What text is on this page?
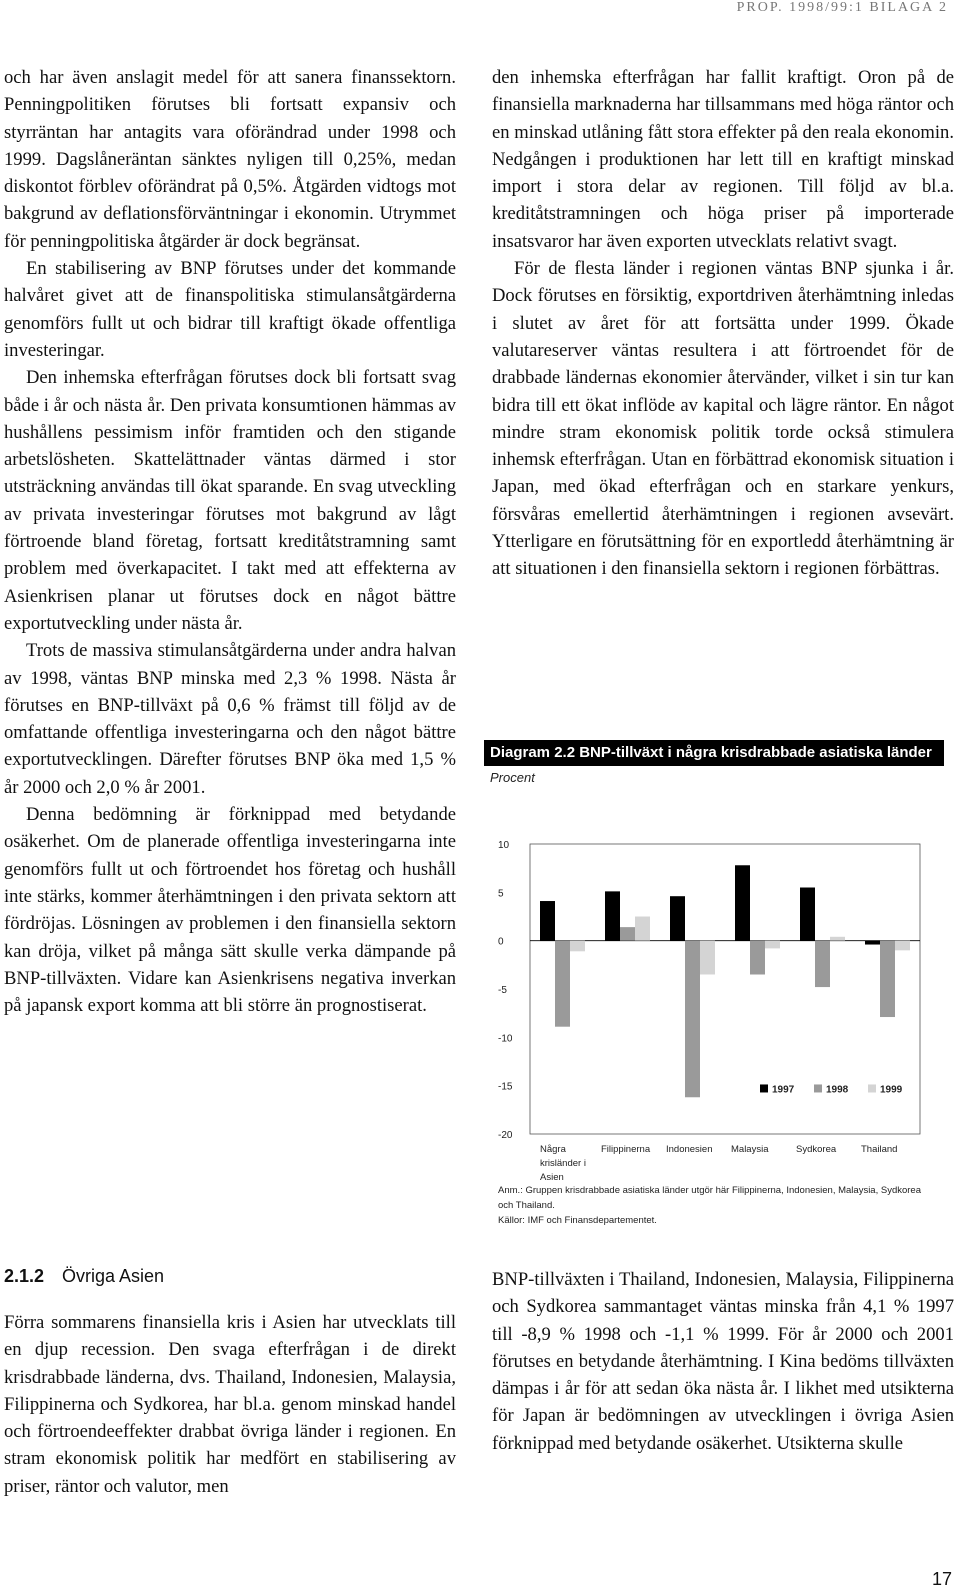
PROP. 1998/99:1 BILAGA 2

och har även anslagit medel för att sanera finanssektorn. Penningpolitiken förutses bli fortsatt expansiv och styrräntan har antagits vara oförändrad under 1998 och 1999. Dagslåneräntan sänktes nyligen till 0,25%, medan diskontot förblev oförändrat på 0,5%. Åtgärden vidtogs mot bakgrund av deflationsförväntningar i ekonomin. Utrymmet för penningpolitiska åtgärder är dock begränsat.

En stabilisering av BNP förutses under det kommande halvåret givet att de finanspolitiska stimulansåtgärderna genomförs fullt ut och bidrar till kraftigt ökade offentliga investeringar.

Den inhemska efterfrågan förutses dock bli fortsatt svag både i år och nästa år. Den privata konsumtionen hämmas av hushållens pessimism inför framtiden och den stigande arbetslösheten. Skattelättnader väntas därmed i stor utsträckning användas till ökat sparande. En svag utveckling av privata investeringar förutses mot bakgrund av lågt förtroende bland företag, fortsatt kreditåtstramning samt problem med överkapacitet. I takt med att effekterna av Asienkrisen planar ut förutses dock en något bättre exportutveckling under nästa år.

Trots de massiva stimulansåtgärderna under andra halvan av 1998, väntas BNP minska med 2,3 % 1998. Nästa år förutses en BNP-tillväxt på 0,6 % främst till följd av de omfattande offentliga investeringarna och den något bättre exportutvecklingen. Därefter förutses BNP öka med 1,5 % år 2000 och 2,0 % år 2001.

Denna bedömning är förknippad med betydande osäkerhet. Om de planerade offentliga investeringarna inte genomförs fullt ut och förtroendet hos företag och hushåll inte stärks, kommer återhämtningen i den privata sektorn att fördröjas. Lösningen av problemen i den finansiella sektorn kan dröja, vilket på många sätt skulle verka dämpande på BNP-tillväxten. Vidare kan Asienkrisens negativa inverkan på japansk export komma att bli större än prognostiserat.

den inhemska efterfrågan har fallit kraftigt. Oron på de finansiella marknaderna har tillsammans med höga räntor och en minskad utlåning fått stora effekter på den reala ekonomin. Nedgången i produktionen har lett till en kraftigt minskad import i stora delar av regionen. Till följd av bl.a. kreditåtstramningen och höga priser på importerade insatsvaror har även exporten utvecklats relativt svagt.

För de flesta länder i regionen väntas BNP sjunka i år. Dock förutses en försiktig, exportdriven återhämtning inledas i slutet av året för att fortsätta under 1999. Ökade valutareserver väntas resultera i att förtroendet för de drabbade ländernas ekonomier återvänder, vilket i sin tur kan bidra till ett ökat inflöde av kapital och lägre räntor. En något mindre stram ekonomisk politik torde också stimulera inhemsk efterfrågan. Utan en förbättrad ekonomisk situation i Japan, med ökad efterfrågan och en starkare yenkurs, försvåras emellertid återhämtningen i regionen avsevärt. Ytterligare en förutsättning för en exportledd återhämtning är att situationen i den finansiella sektorn i regionen förbättras.

Diagram 2.2 BNP-tillväxt i några krisdrabbade asiatiska länder
Procent
10
5
0
-5
-10
-15
-20
Några
krisländer i
Asien
Filippinerna Indonesien Malaysia	Sydkorea	Thailand
1997	1998	1999
Anm.: Gruppen krisdrabbade asiatiska länder utgör här Filippinerna, Indonesien, Malaysia, Sydkorea och Thailand.
Källor: IMF och Finansdepartementet.
2.1.2 Övriga Asien
Förra sommarens finansiella kris i Asien har utvecklats till en djup recession. Den svaga efterfrågan i de direkt krisdrabbade länderna, dvs. Thailand, Indonesien, Malaysia, Filippinerna och Sydkorea, har bl.a. genom minskad handel och förtroendeeffekter drabbat övriga länder i regionen. En stram ekonomisk politik har medfört en stabilisering av priser, räntor och valutor, men
BNP-tillväxten i Thailand, Indonesien, Malaysia, Filippinerna och Sydkorea sammantaget väntas minska från 4,1 % 1997 till -8,9 % 1998 och -1,1 % 1999. För år 2000 och 2001 förutses en betydande återhämtning. I Kina bedöms tillväxten dämpas i år för att sedan öka nästa år. I likhet med utsikterna för Japan är bedömningen av utvecklingen i övriga Asien förknippad med betydande osäkerhet. Utsikterna skulle
17
